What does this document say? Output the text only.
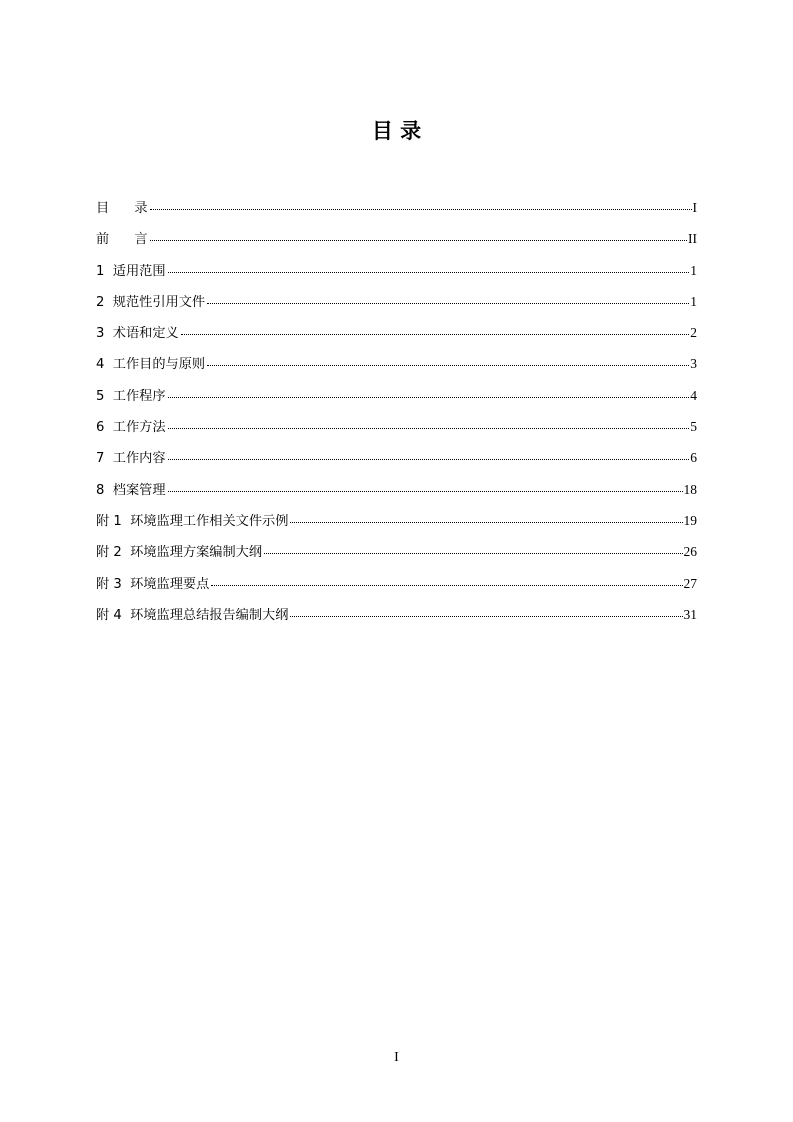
目 录
目      录	I
前      言	II
1  适用范围	1
2  规范性引用文件	1
3  术语和定义	2
4  工作目的与原则	3
5  工作程序	4
6  工作方法	5
7  工作内容	6
8  档案管理	18
附 1  环境监理工作相关文件示例	19
附 2  环境监理方案编制大纲	26
附 3  环境监理要点	27
附 4  环境监理总结报告编制大纲	31
I
